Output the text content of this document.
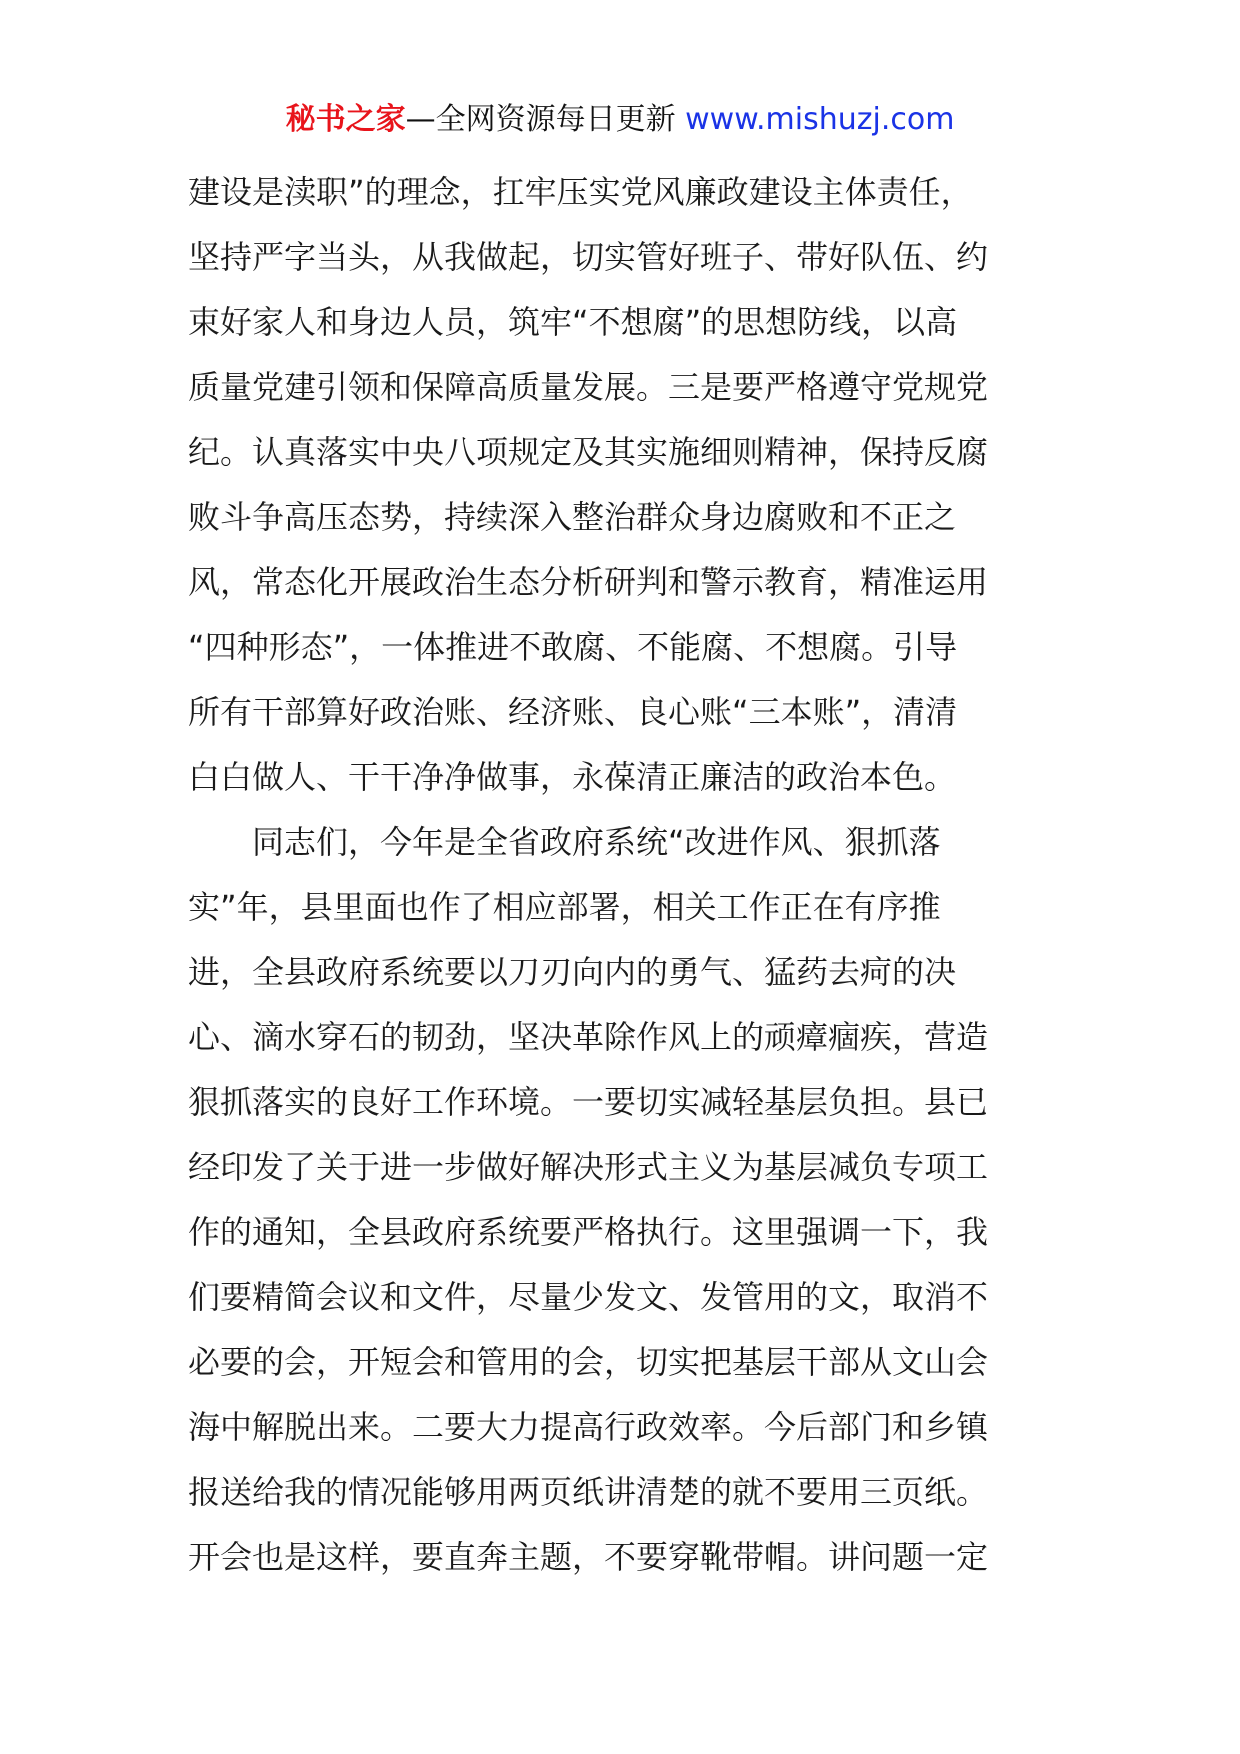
秘书之家—全网资源每日更新 www.mishuzj.com
建设是渎职”的理念，扛牢压实党风廉政建设主体责任，
坚持严字当头，从我做起，切实管好班子、带好队伍、约
束好家人和身边人员，筑牢“不想腐”的思想防线，以高
质量党建引领和保障高质量发展。三是要严格遵守党规党
纪。认真落实中央八项规定及其实施细则精神，保持反腐
败斗争高压态势，持续深入整治群众身边腐败和不正之
风，常态化开展政治生态分析研判和警示教育，精准运用
“四种形态”，一体推进不敢腐、不能腐、不想腐。引导
所有干部算好政治账、经济账、良心账“三本账”，清清
白白做人、干干净净做事，永葆清正廉洁的政治本色。
同志们，今年是全省政府系统“改进作风、狠抓落
实”年，县里面也作了相应部署，相关工作正在有序推
进，全县政府系统要以刀刃向内的勇气、猛药去疴的决
心、滴水穿石的韧劲，坚决革除作风上的顽瘴痼疾，营造
狠抓落实的良好工作环境。一要切实减轻基层负担。县已
经印发了关于进一步做好解决形式主义为基层减负专项工
作的通知，全县政府系统要严格执行。这里强调一下，我
们要精简会议和文件，尽量少发文、发管用的文，取消不
必要的会，开短会和管用的会，切实把基层干部从文山会
海中解脱出来。二要大力提高行政效率。今后部门和乡镇
报送给我的情况能够用两页纸讲清楚的就不要用三页纸。
开会也是这样，要直奔主题，不要穿靴带帽。讲问题一定
